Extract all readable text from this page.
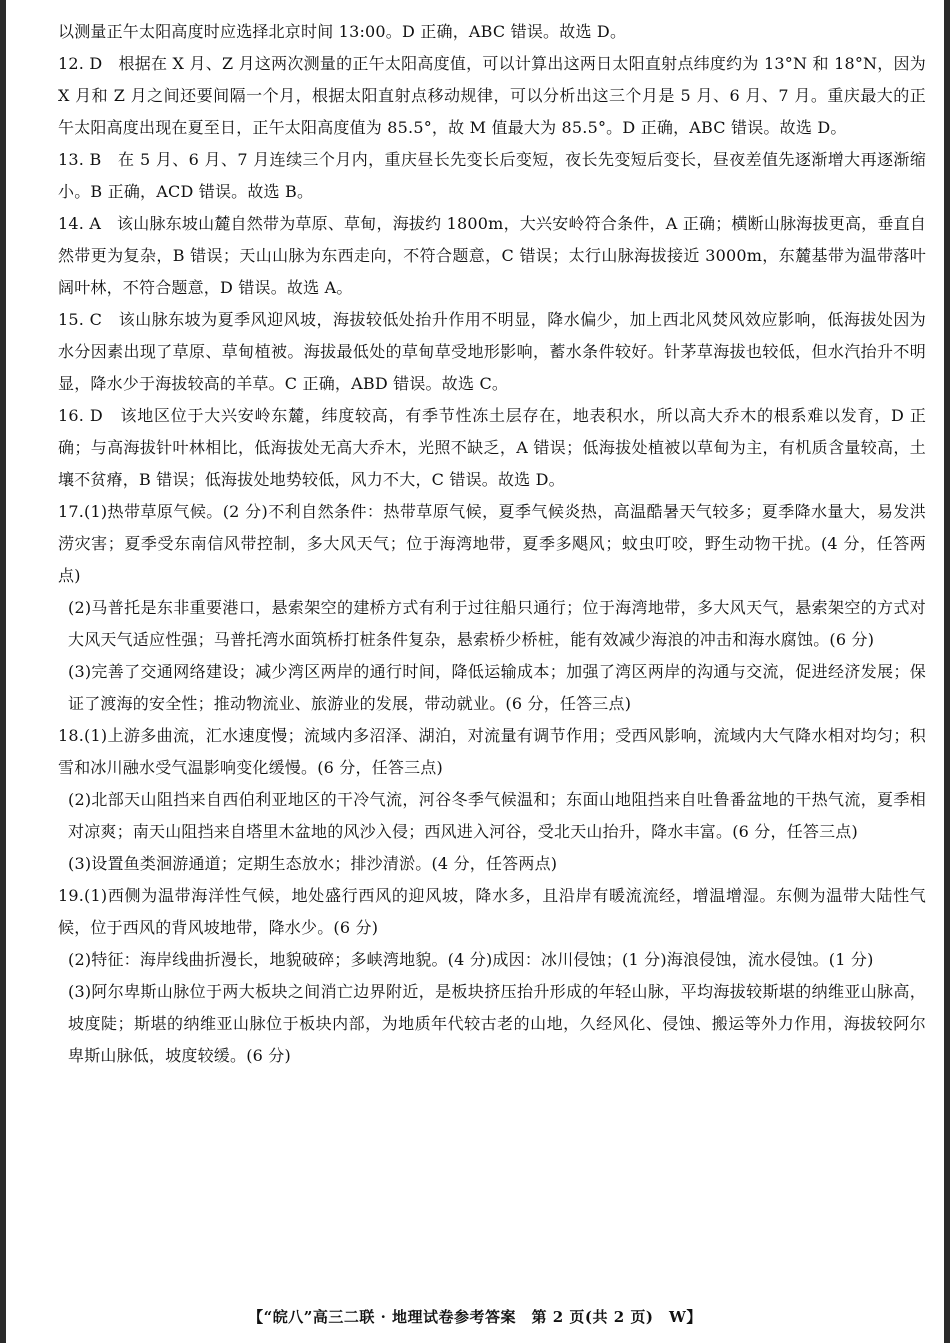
以测量正午太阳高度时应选择北京时间 13:00。D 正确，ABC 错误。故选 D。

12. D 根据在 X 月、Z 月这两次测量的正午太阳高度值，可以计算出这两日太阳直射点纬度约为 13°N 和 18°N，因为 X 月和 Z 月之间还要间隔一个月，根据太阳直射点移动规律，可以分析出这三个月是 5 月、6 月、7 月。重庆最大的正午太阳高度出现在夏至日，正午太阳高度值为 85.5°，故 M 值最大为 85.5°。D 正确，ABC 错误。故选 D。

13. B 在 5 月、6 月、7 月连续三个月内，重庆昼长先变长后变短，夜长先变短后变长，昼夜差值先逐渐增大再逐渐缩小。B 正确，ACD 错误。故选 B。

14. A 该山脉东坡山麓自然带为草原、草甸，海拔约 1800m，大兴安岭符合条件，A 正确；横断山脉海拔更高，垂直自然带更为复杂，B 错误；天山山脉为东西走向，不符合题意，C 错误；太行山脉海拔接近 3000m，东麓基带为温带落叶阔叶林，不符合题意，D 错误。故选 A。

15. C 该山脉东坡为夏季风迎风坡，海拔较低处抬升作用不明显，降水偏少，加上西北风焚风效应影响，低海拔处因为水分因素出现了草原、草甸植被。海拔最低处的草甸草受地形影响，蓄水条件较好。针茅草海拔也较低，但水汽抬升不明显，降水少于海拔较高的羊草。C 正确，ABD 错误。故选 C。

16. D 该地区位于大兴安岭东麓，纬度较高，有季节性冻土层存在，地表积水，所以高大乔木的根系难以发育，D 正确；与高海拔针叶林相比，低海拔处无高大乔木，光照不缺乏，A 错误；低海拔处植被以草甸为主，有机质含量较高，土壤不贫瘠，B 错误；低海拔处地势较低，风力不大，C 错误。故选 D。

17.(1)热带草原气候。(2 分)不利自然条件：热带草原气候，夏季气候炎热，高温酷暑天气较多；夏季降水量大，易发洪涝灾害；夏季受东南信风带控制，多大风天气；位于海湾地带，夏季多飓风；蚊虫叮咬，野生动物干扰。(4 分，任答两点)

(2)马普托是东非重要港口，悬索架空的建桥方式有利于过往船只通行；位于海湾地带，多大风天气，悬索架空的方式对大风天气适应性强；马普托湾水面筑桥打桩条件复杂，悬索桥少桥桩，能有效减少海浪的冲击和海水腐蚀。(6 分)

(3)完善了交通网络建设；减少湾区两岸的通行时间，降低运输成本；加强了湾区两岸的沟通与交流，促进经济发展；保证了渡海的安全性；推动物流业、旅游业的发展，带动就业。(6 分，任答三点)

18.(1)上游多曲流，汇水速度慢；流域内多沼泽、湖泊，对流量有调节作用；受西风影响，流域内大气降水相对均匀；积雪和冰川融水受气温影响变化缓慢。(6 分，任答三点)

(2)北部天山阻挡来自西伯利亚地区的干冷气流，河谷冬季气候温和；东面山地阻挡来自吐鲁番盆地的干热气流，夏季相对凉爽；南天山阻挡来自塔里木盆地的风沙入侵；西风进入河谷，受北天山抬升，降水丰富。(6 分，任答三点)

(3)设置鱼类洄游通道；定期生态放水；排沙清淤。(4 分，任答两点)

19.(1)西侧为温带海洋性气候，地处盛行西风的迎风坡，降水多，且沿岸有暖流流经，增温增湿。东侧为温带大陆性气候，位于西风的背风坡地带，降水少。(6 分)

(2)特征：海岸线曲折漫长，地貌破碎；多峡湾地貌。(4 分)成因：冰川侵蚀；(1 分)海浪侵蚀，流水侵蚀。(1 分)

(3)阿尔卑斯山脉位于两大板块之间消亡边界附近，是板块挤压抬升形成的年轻山脉，平均海拔较斯堪的纳维亚山脉高，坡度陡；斯堪的纳维亚山脉位于板块内部，为地质年代较古老的山地，久经风化、侵蚀、搬运等外力作用，海拔较阿尔卑斯山脉低，坡度较缓。(6 分)

【“皖八”高三二联 · 地理试卷参考答案　第 2 页(共 2 页)　W】
